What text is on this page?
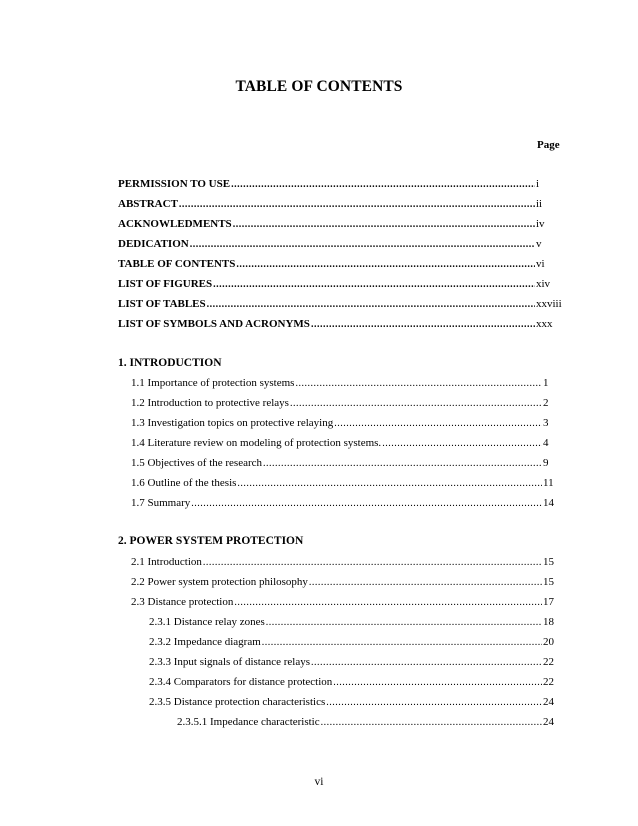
TABLE OF CONTENTS
Page
PERMISSION TO USE .....	i
ABSTRACT .....	ii
ACKNOWLEDMENTS .....	iv
DEDICATION .....	v
TABLE OF CONTENTS .....	vi
LIST OF FIGURES .....	xiv
LIST OF TABLES .....	xxviii
LIST OF SYMBOLS AND ACRONYMS .....	xxx
1. INTRODUCTION
1.1 Importance of protection systems .....	1
1.2 Introduction to protective relays .....	2
1.3 Investigation topics on protective relaying .....	3
1.4 Literature review on modeling of protection systems. .....	4
1.5 Objectives of the research .....	9
1.6 Outline of the thesis .....	11
1.7 Summary .....	14
2. POWER SYSTEM PROTECTION
2.1 Introduction .....	15
2.2 Power system protection philosophy .....	15
2.3 Distance protection .....	17
2.3.1 Distance relay zones .....	18
2.3.2 Impedance diagram .....	20
2.3.3 Input signals of distance relays .....	22
2.3.4 Comparators for distance protection .....	22
2.3.5 Distance protection characteristics .....	24
2.3.5.1 Impedance characteristic .....	24
vi
